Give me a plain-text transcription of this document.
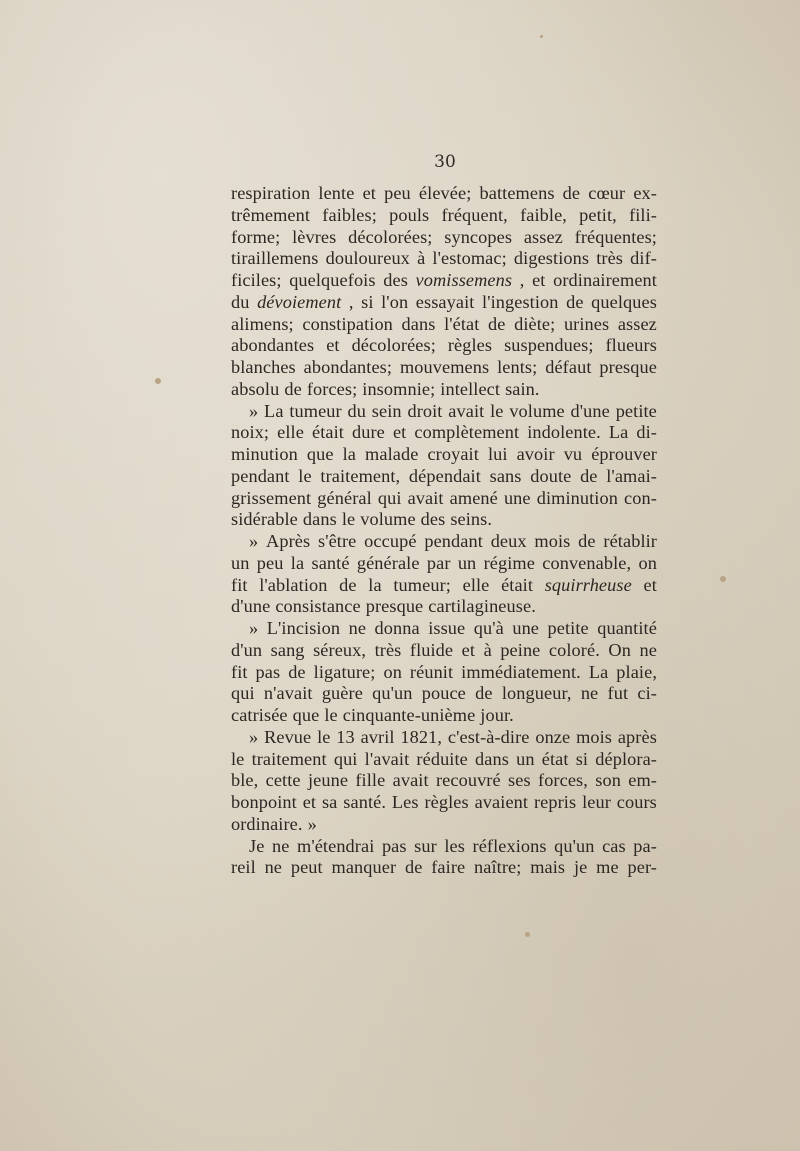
30
respiration lente et peu élevée; battemens de cœur ex-
trêmement faibles; pouls fréquent, faible, petit, fili-
forme; lèvres décolorées; syncopes assez fréquentes;
tiraillemens douloureux à l'estomac; digestions très dif-
ficiles; quelquefois des vomissemens , et ordinairement
du dévoiement , si l'on essayait l'ingestion de quelques
alimens; constipation dans l'état de diète; urines assez
abondantes et décolorées; règles suspendues; flueurs
blanches abondantes; mouvemens lents; défaut presque
absolu de forces; insomnie; intellect sain.
» La tumeur du sein droit avait le volume d'une petite
noix; elle était dure et complètement indolente. La di-
minution que la malade croyait lui avoir vu éprouver
pendant le traitement, dépendait sans doute de l'amai-
grissement général qui avait amené une diminution con-
sidérable dans le volume des seins.
» Après s'être occupé pendant deux mois de rétablir
un peu la santé générale par un régime convenable, on
fit l'ablation de la tumeur; elle était squirrheuse et
d'une consistance presque cartilagineuse.
» L'incision ne donna issue qu'à une petite quantité
d'un sang séreux, très fluide et à peine coloré. On ne
fit pas de ligature; on réunit immédiatement. La plaie,
qui n'avait guère qu'un pouce de longueur, ne fut ci-
catrisée que le cinquante-unième jour.
» Revue le 13 avril 1821, c'est-à-dire onze mois après
le traitement qui l'avait réduite dans un état si déplora-
ble, cette jeune fille avait recouvré ses forces, son em-
bonpoint et sa santé. Les règles avaient repris leur cours
ordinaire. »
Je ne m'étendrai pas sur les réflexions qu'un cas pa-
reil ne peut manquer de faire naître; mais je me per-
